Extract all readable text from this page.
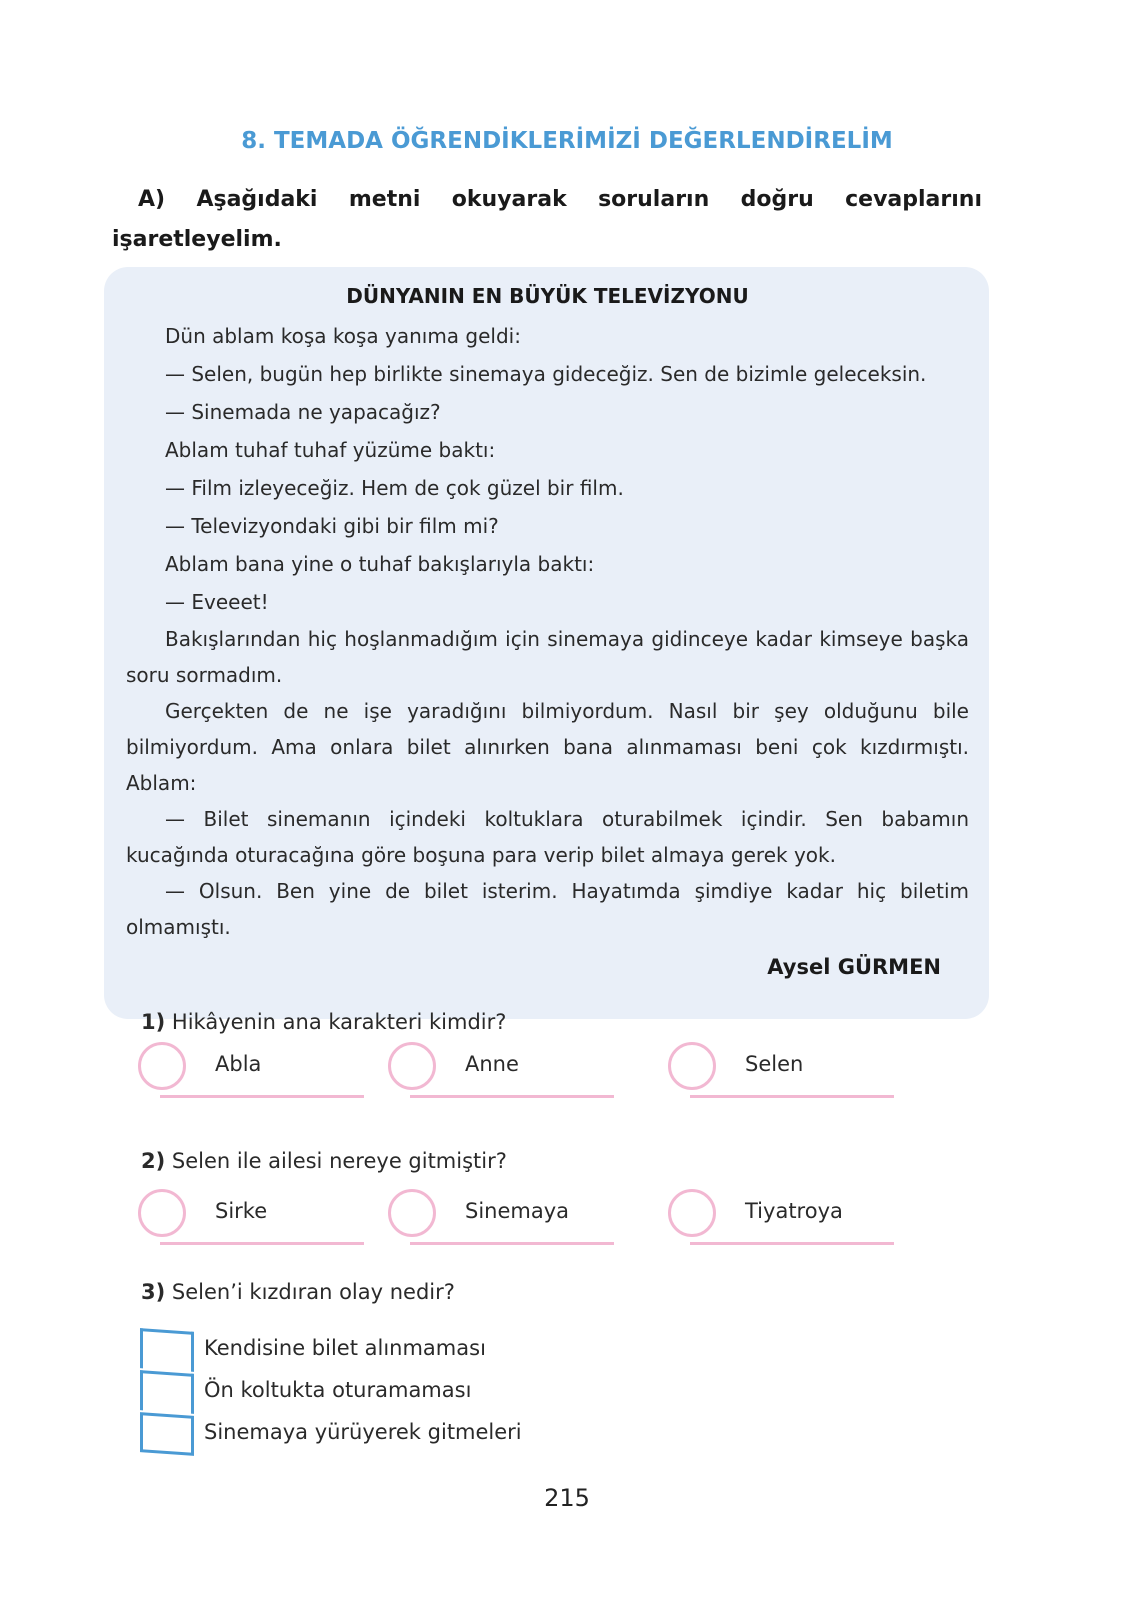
8. TEMADA ÖĞRENDİKLERİMİZİ DEĞERLENDİRELİM
A) Aşağıdaki metni okuyarak soruların doğru cevaplarını işaretleyelim.
DÜNYANIN EN BÜYÜK TELEVİZYONU

Dün ablam koşa koşa yanıma geldi:

— Selen, bugün hep birlikte sinemaya gideceğiz. Sen de bizimle geleceksin.

— Sinemada ne yapacağız?

Ablam tuhaf tuhaf yüzüme baktı:

— Film izleyeceğiz. Hem de çok güzel bir film.

— Televizyondaki gibi bir film mi?

Ablam bana yine o tuhaf bakışlarıyla baktı:

— Eveeet!

Bakışlarından hiç hoşlanmadığım için sinemaya gidinceye kadar kimseye başka soru sormadım.

Gerçekten de ne işe yaradığını bilmiyordum. Nasıl bir şey olduğunu bile bilmiyordum. Ama onlara bilet alınırken bana alınmaması beni çok kızdırmıştı. Ablam:

— Bilet sinemanın içindeki koltuklara oturabilmek içindir. Sen babamın kucağında oturacağına göre boşuna para verip bilet almaya gerek yok.

— Olsun. Ben yine de bilet isterim. Hayatımda şimdiye kadar hiç biletim olmamıştı.

Aysel GÜRMEN
1) Hikâyenin ana karakteri kimdir?
Abla	Anne	Selen
2) Selen ile ailesi nereye gitmiştir?
Sirke	Sinemaya	Tiyatroya
3) Selen’i kızdıran olay nedir?
Kendisine bilet alınmaması
Ön koltukta oturamaması
Sinemaya yürüyerek gitmeleri
215
